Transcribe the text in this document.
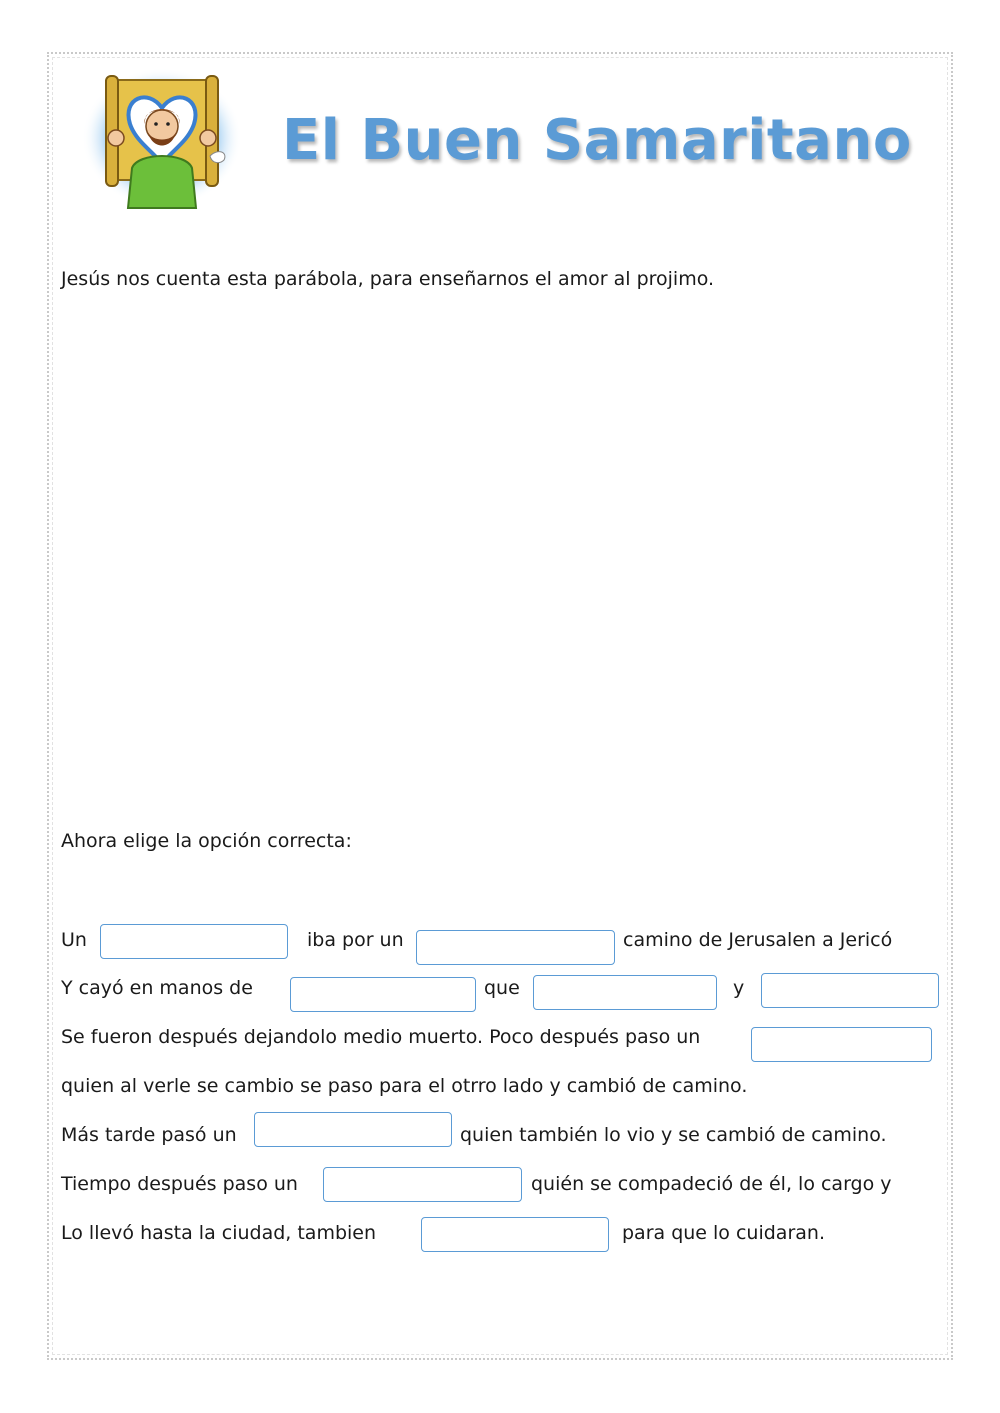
El Buen Samaritano
Jesús nos cuenta esta parábola, para enseñarnos el amor al projimo.
Ahora elige la opción correcta:
Un	iba por un	camino de Jerusalen a Jericó
Y cayó en manos de	que	y
Se fueron después dejandolo medio muerto. Poco después paso un
quien al verle se cambio se paso para el otrro lado y cambió de camino.
Más tarde pasó un	quien también lo vio y se cambió de camino.
Tiempo después paso un	quién se compadeció de él, lo cargo y
Lo llevó hasta la ciudad, tambien	para que lo cuidaran.
